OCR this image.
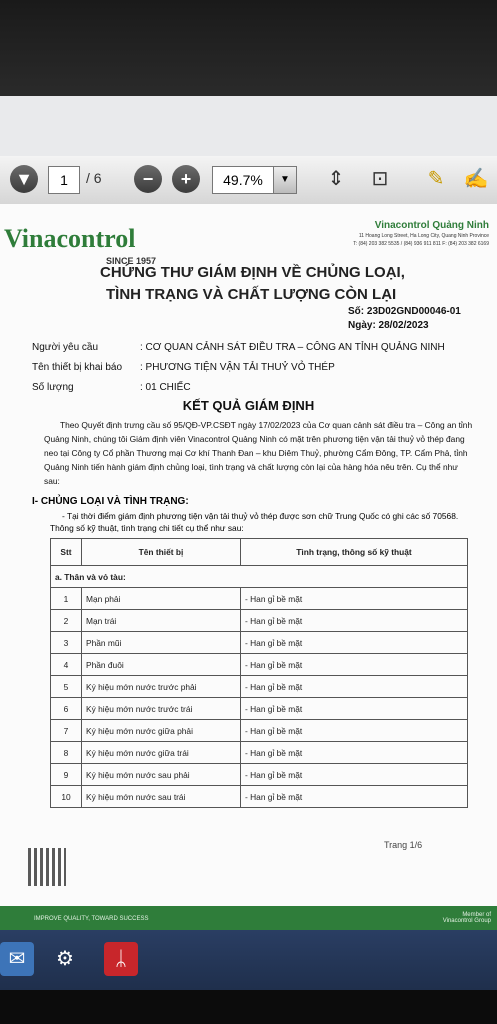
▼	1	/ 6	−	+	49.7%	▼	⇕ ⊡ ✎ ✍
Vinacontrol
SINCE 1957
Vinacontrol Quảng Ninh
11 Hoang Long Street, Ha Long City, Quang Ninh Province
T: (84) 203 382 5535 / (84) 936 911 811 F: (84) 203 382 6169
CHỨNG THƯ GIÁM ĐỊNH VỀ CHỦNG LOẠI,
TÌNH TRẠNG VÀ CHẤT LƯỢNG CÒN LẠI
Số: 23D02GND00046-01
Ngày: 28/02/2023
Người yêu cầu	: CƠ QUAN CẢNH SÁT ĐIỀU TRA – CÔNG AN TỈNH QUẢNG NINH
Tên thiết bị khai báo : PHƯƠNG TIỆN VẬN TẢI THUỶ VỎ THÉP
Số lượng	: 01 CHIẾC
KẾT QUẢ GIÁM ĐỊNH
Theo Quyết định trưng cầu số 95/QĐ-VP.CSĐT ngày 17/02/2023 của Cơ quan cảnh sát điều tra – Công an tỉnh Quảng Ninh, chúng tôi Giám định viên Vinacontrol Quảng Ninh có mặt trên phương tiện vận tải thuỷ vỏ thép đang neo tại Công ty Cổ phần Thương mại Cơ khí Thanh Đan – khu Diêm Thuỷ, phường Cẩm Đông, TP. Cẩm Phả, tỉnh Quảng Ninh tiến hành giám định chủng loại, tình trạng và chất lượng còn lại của hàng hóa nêu trên. Cụ thể như sau:
I- CHỦNG LOẠI VÀ TÌNH TRẠNG:
- Tại thời điểm giám định phương tiện vận tải thuỷ vỏ thép được sơn chữ Trung Quốc có ghi các số 70568. Thông số kỹ thuật, tình trạng chi tiết cụ thể như sau:
Stt	Tên thiết bị	Tình trạng, thông số kỹ thuật
a. Thân và vỏ tàu:		
1	Mạn phải	- Han gỉ bề mặt
2	Mạn trái	- Han gỉ bề mặt
3	Phần mũi	- Han gỉ bề mặt
4	Phần đuôi	- Han gỉ bề mặt
5	Ký hiệu mớn nước trước phải	- Han gỉ bề mặt
6	Ký hiệu mớn nước trước trái	- Han gỉ bề mặt
7	Ký hiệu mớn nước giữa phải	- Han gỉ bề mặt
8	Ký hiệu mớn nước giữa trái	- Han gỉ bề mặt
9	Ký hiệu mớn nước sau phải	- Han gỉ bề mặt
10	Ký hiệu mớn nước sau trái	- Han gỉ bề mặt
Trang 1/6
IMPROVE QUALITY, TOWARD SUCCESS
Member of
Vinacontrol Group
✉	⚙	ᛦ
